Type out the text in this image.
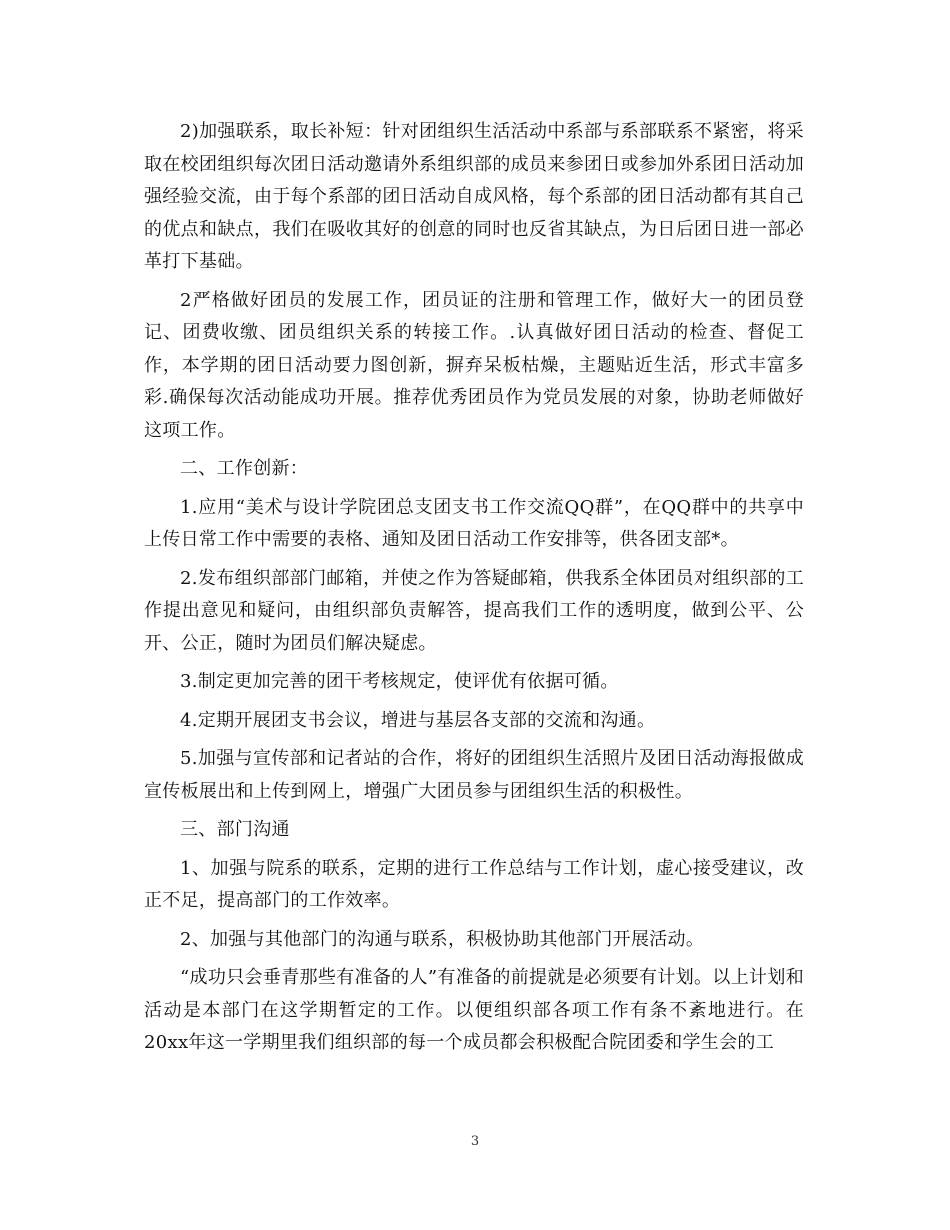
2)加强联系，取长补短：针对团组织生活活动中系部与系部联系不紧密，将采取在校团组织每次团日活动邀请外系组织部的成员来参团日或参加外系团日活动加强经验交流，由于每个系部的团日活动自成风格，每个系部的团日活动都有其自己的优点和缺点，我们在吸收其好的创意的同时也反省其缺点，为日后团日进一部必革打下基础。

2严格做好团员的发展工作，团员证的注册和管理工作，做好大一的团员登记、团费收缴、团员组织关系的转接工作。.认真做好团日活动的检查、督促工作，本学期的团日活动要力图创新，摒弃呆板枯燥，主题贴近生活，形式丰富多彩.确保每次活动能成功开展。推荐优秀团员作为党员发展的对象，协助老师做好这项工作。

二、工作创新：

1.应用“美术与设计学院团总支团支书工作交流QQ群”，在QQ群中的共享中上传日常工作中需要的表格、通知及团日活动工作安排等，供各团支部*。

2.发布组织部部门邮箱，并使之作为答疑邮箱，供我系全体团员对组织部的工作提出意见和疑问，由组织部负责解答，提高我们工作的透明度，做到公平、公开、公正，随时为团员们解决疑虑。

3.制定更加完善的团干考核规定，使评优有依据可循。

4.定期开展团支书会议，增进与基层各支部的交流和沟通。

5.加强与宣传部和记者站的合作，将好的团组织生活照片及团日活动海报做成宣传板展出和上传到网上，增强广大团员参与团组织生活的积极性。

三、部门沟通

1、加强与院系的联系，定期的进行工作总结与工作计划，虚心接受建议，改正不足，提高部门的工作效率。

2、加强与其他部门的沟通与联系，积极协助其他部门开展活动。

“成功只会垂青那些有准备的人”有准备的前提就是必须要有计划。以上计划和活动是本部门在这学期暂定的工作。以便组织部各项工作有条不紊地进行。在20xx年这一学期里我们组织部的每一个成员都会积极配合院团委和学生会的工

3
